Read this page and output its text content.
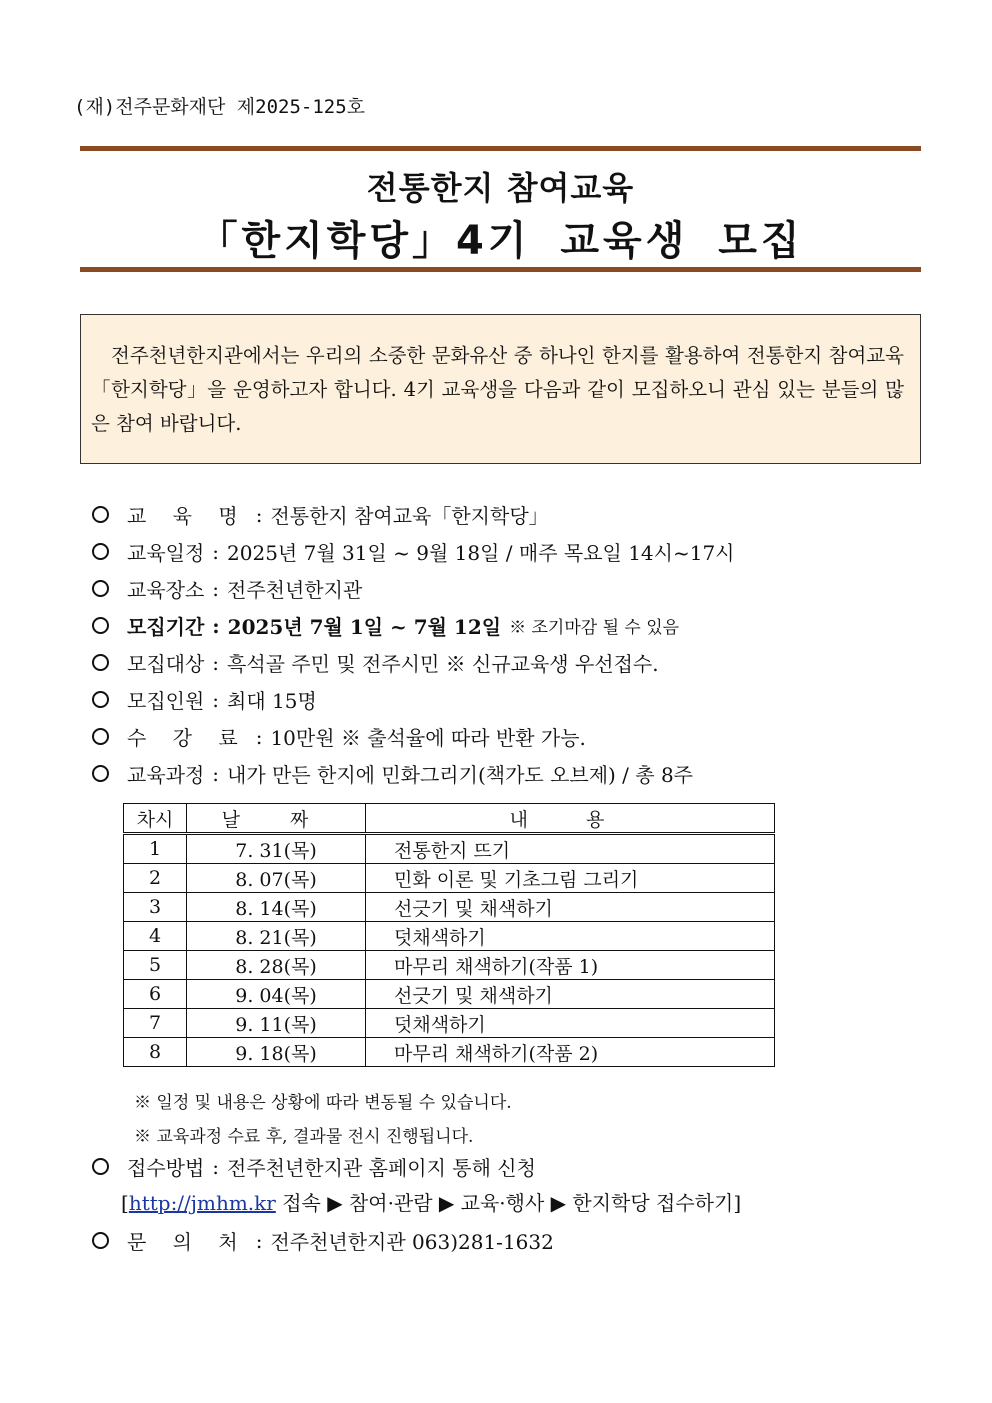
(재)전주문화재단 제2025-125호
전통한지 참여교육
「한지학당」4기 교육생 모집
전주천년한지관에서는 우리의 소중한 문화유산 중 하나인 한지를 활용하여 전통한지 참여교육「한지학당」을 운영하고자 합니다. 4기 교육생을 다음과 같이 모집하오니 관심 있는 분들의 많은 참여 바랍니다.
교 육 명 : 전통한지 참여교육「한지학당」
교육일정 : 2025년 7월 31일 ~ 9월 18일 / 매주 목요일 14시~17시
교육장소 : 전주천년한지관
모집기간 : 2025년 7월 1일 ~ 7월 12일 ※ 조기마감 될 수 있음
모집대상 : 흑석골 주민 및 전주시민 ※ 신규교육생 우선접수.
모집인원 : 최대 15명
수 강 료 : 10만원 ※ 출석율에 따라 반환 가능.
교육과정 : 내가 만든 한지에 민화그리기(책가도 오브제) / 총 8주
차시	날 짜	내 용
1	7. 31(목)	전통한지 뜨기
2	8. 07(목)	민화 이론 및 기초그림 그리기
3	8. 14(목)	선긋기 및 채색하기
4	8. 21(목)	덧채색하기
5	8. 28(목)	마무리 채색하기(작품 1)
6	9. 04(목)	선긋기 및 채색하기
7	9. 11(목)	덧채색하기
8	9. 18(목)	마무리 채색하기(작품 2)
※ 일정 및 내용은 상황에 따라 변동될 수 있습니다.
※ 교육과정 수료 후, 결과물 전시 진행됩니다.
접수방법 : 전주천년한지관 홈페이지 통해 신청
[http://jmhm.kr 접속 ▶ 참여·관람 ▶ 교육·행사 ▶ 한지학당 접수하기]
문 의 처 : 전주천년한지관 063)281-1632
